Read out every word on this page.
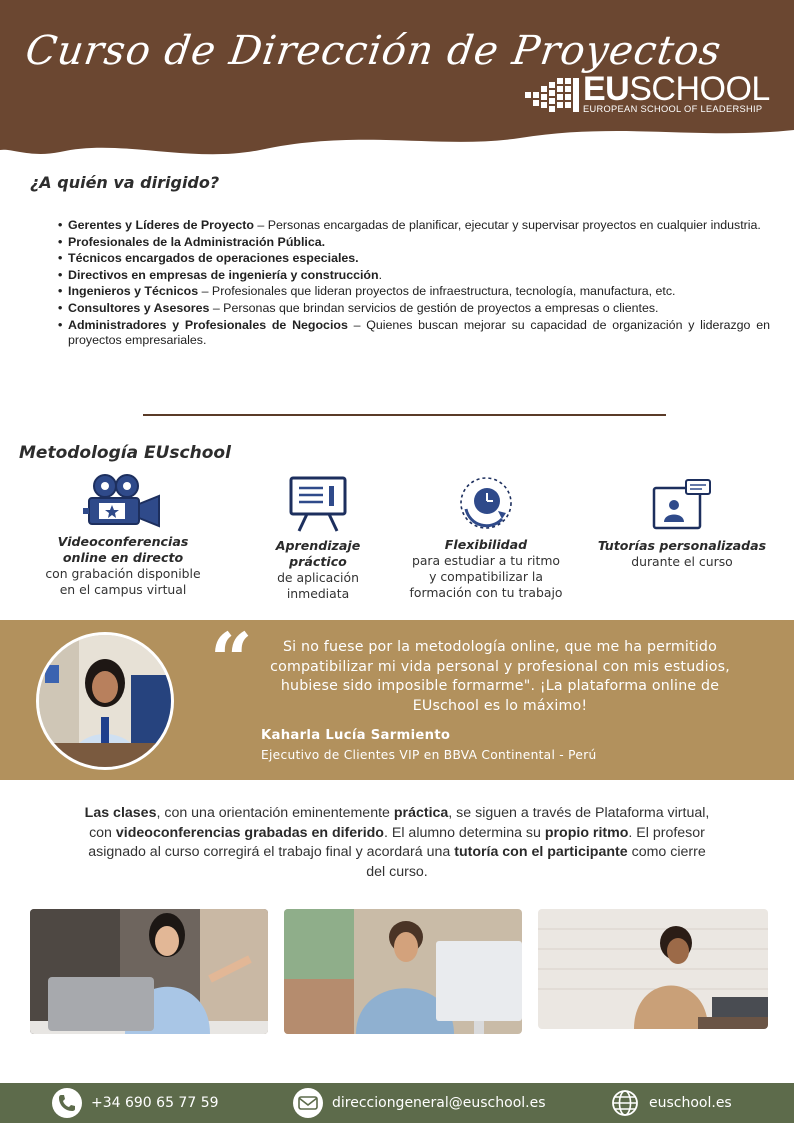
Curso de Dirección de Proyectos
EUSCHOOL
EUROPEAN SCHOOL OF LEADERSHIP
¿A quién va dirigido?
• Gerentes y Líderes de Proyecto – Personas encargadas de planificar, ejecutar y supervisar proyectos en cualquier industria.
• Profesionales de la Administración Pública.
• Técnicos encargados de operaciones especiales.
• Directivos en empresas de ingeniería y construcción.
• Ingenieros y Técnicos – Profesionales que lideran proyectos de infraestructura, tecnología, manufactura, etc.
• Consultores y Asesores – Personas que brindan servicios de gestión de proyectos a empresas o clientes.
• Administradores y Profesionales de Negocios – Quienes buscan mejorar su capacidad de organización y liderazgo en proyectos empresariales.
Metodología EUschool
Videoconferencias
online en directo
con grabación disponible
en el campus virtual
Aprendizaje
práctico
de aplicación
inmediata
Flexibilidad
para estudiar a tu ritmo
y compatibilizar la
formación con tu trabajo
Tutorías personalizadas
durante el curso
“	Si no fuese por la metodología online, que me ha permitido
compatibilizar mi vida personal y profesional con mis estudios,
hubiese sido imposible formarme". ¡La plataforma online de
EUschool es lo máximo!
Kaharla Lucía Sarmiento
Ejecutivo de Clientes VIP en BBVA Continental - Perú
Las clases, con una orientación eminentemente práctica, se siguen a través de Plataforma virtual, con videoconferencias grabadas en diferido. El alumno determina su propio ritmo. El profesor asignado al curso corregirá el trabajo final y acordará una tutoría con el participante como cierre del curso.
+34 690 65 77 59	direcciongeneral@euschool.es	euschool.es
